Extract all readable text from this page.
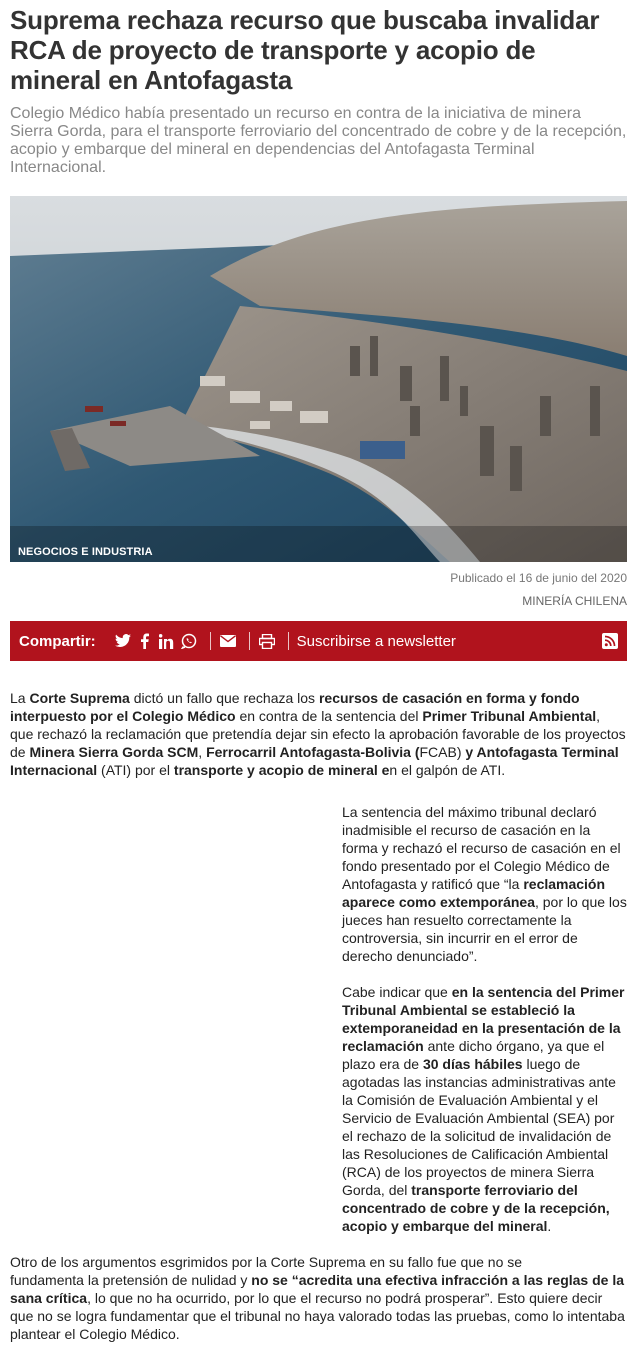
Suprema rechaza recurso que buscaba invalidar RCA de proyecto de transporte y acopio de mineral en Antofagasta

Colegio Médico había presentado un recurso en contra de la iniciativa de minera Sierra Gorda, para el transporte ferroviario del concentrado de cobre y de la recepción, acopio y embarque del mineral en dependencias del Antofagasta Terminal Internacional.

NEGOCIOS E INDUSTRIA
Publicado el 16 de junio del 2020
MINERÍA CHILENA
Compartir:	Suscribirse a newsletter

La Corte Suprema dictó un fallo que rechaza los recursos de casación en forma y fondo interpuesto por el Colegio Médico en contra de la sentencia del Primer Tribunal Ambiental, que rechazó la reclamación que pretendía dejar sin efecto la aprobación favorable de los proyectos de Minera Sierra Gorda SCM, Ferrocarril Antofagasta-Bolivia (FCAB) y Antofagasta Terminal Internacional (ATI) por el transporte y acopio de mineral en el galpón de ATI.

La sentencia del máximo tribunal declaró inadmisible el recurso de casación en la forma y rechazó el recurso de casación en el fondo presentado por el Colegio Médico de Antofagasta y ratificó que “la reclamación aparece como extemporánea, por lo que los jueces han resuelto correctamente la controversia, sin incurrir en el error de derecho denunciado”.

Cabe indicar que en la sentencia del Primer Tribunal Ambiental se estableció la extemporaneidad en la presentación de la reclamación ante dicho órgano, ya que el plazo era de 30 días hábiles luego de agotadas las instancias administrativas ante la Comisión de Evaluación Ambiental y el Servicio de Evaluación Ambiental (SEA) por el rechazo de la solicitud de invalidación de las Resoluciones de Calificación Ambiental (RCA) de los proyectos de minera Sierra Gorda, del transporte ferroviario del concentrado de cobre y de la recepción, acopio y embarque del mineral.

Otro de los argumentos esgrimidos por la Corte Suprema en su fallo fue que no se

fundamenta la pretensión de nulidad y no se “acredita una efectiva infracción a las reglas de la sana crítica, lo que no ha ocurrido, por lo que el recurso no podrá prosperar”. Esto quiere decir que no se logra fundamentar que el tribunal no haya valorado todas las pruebas, como lo intentaba plantear el Colegio Médico.
